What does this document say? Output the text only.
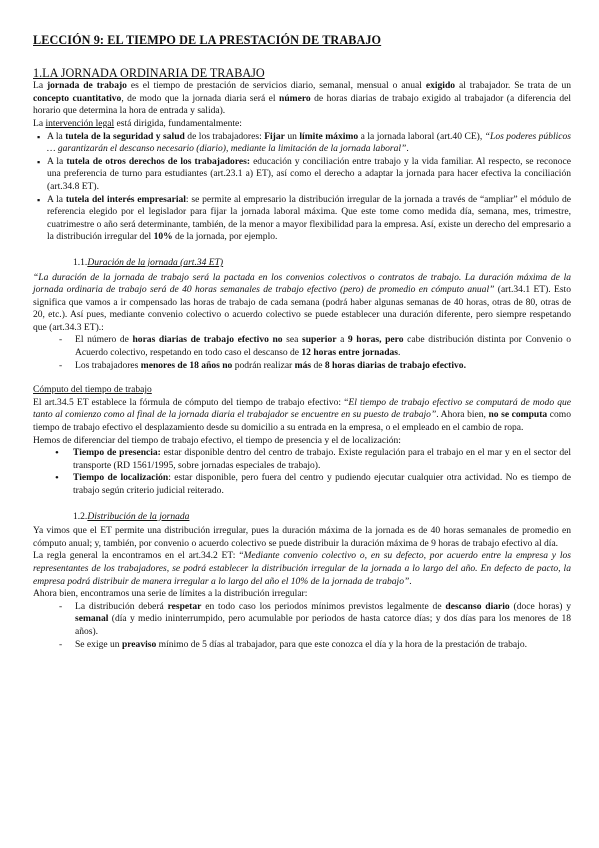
LECCIÓN 9: EL TIEMPO DE LA PRESTACIÓN DE TRABAJO
1.LA JORNADA ORDINARIA DE TRABAJO

La jornada de trabajo es el tiempo de prestación de servicios diario, semanal, mensual o anual exigido al trabajador. Se trata de un concepto cuantitativo, de modo que la jornada diaria será el número de horas diarias de trabajo exigido al trabajador (a diferencia del horario que determina la hora de entrada y salida).

La intervención legal está dirigida, fundamentalmente:

▪ A la tutela de la seguridad y salud de los trabajadores: Fijar un límite máximo a la jornada laboral (art.40 CE), “Los poderes públicos … garantizarán el descanso necesario (diario), mediante la limitación de la jornada laboral”.
▪ A la tutela de otros derechos de los trabajadores: educación y conciliación entre trabajo y la vida familiar. Al respecto, se reconoce una preferencia de turno para estudiantes (art.23.1 a) ET), así como el derecho a adaptar la jornada para hacer efectiva la conciliación (art.34.8 ET).
▪ A la tutela del interés empresarial: se permite al empresario la distribución irregular de la jornada a través de “ampliar” el módulo de referencia elegido por el legislador para fijar la jornada laboral máxima. Que este tome como medida día, semana, mes, trimestre, cuatrimestre o año será determinante, también, de la menor a mayor flexibilidad para la empresa. Así, existe un derecho del empresario a la distribución irregular del 10% de la jornada, por ejemplo.
1.1.Duración de la jornada (art.34 ET)

“La duración de la jornada de trabajo será la pactada en los convenios colectivos o contratos de trabajo. La duración máxima de la jornada ordinaria de trabajo será de 40 horas semanales de trabajo efectivo (pero) de promedio en cómputo anual” (art.34.1 ET). Esto significa que vamos a ir compensado las horas de trabajo de cada semana (podrá haber algunas semanas de 40 horas, otras de 80, otras de 20, etc.). Así pues, mediante convenio colectivo o acuerdo colectivo se puede establecer una duración diferente, pero siempre respetando que (art.34.3 ET).:

- El número de horas diarias de trabajo efectivo no sea superior a 9 horas, pero cabe distribución distinta por Convenio o Acuerdo colectivo, respetando en todo caso el descanso de 12 horas entre jornadas.
- Los trabajadores menores de 18 años no podrán realizar más de 8 horas diarias de trabajo efectivo.
Cómputo del tiempo de trabajo

El art.34.5 ET establece la fórmula de cómputo del tiempo de trabajo efectivo: “El tiempo de trabajo efectivo se computará de modo que tanto al comienzo como al final de la jornada diaria el trabajador se encuentre en su puesto de trabajo”. Ahora bien, no se computa como tiempo de trabajo efectivo el desplazamiento desde su domicilio a su entrada en la empresa, o el empleado en el cambio de ropa.

Hemos de diferenciar del tiempo de trabajo efectivo, el tiempo de presencia y el de localización:

• Tiempo de presencia: estar disponible dentro del centro de trabajo. Existe regulación para el trabajo en el mar y en el sector del transporte (RD 1561/1995, sobre jornadas especiales de trabajo).
• Tiempo de localización: estar disponible, pero fuera del centro y pudiendo ejecutar cualquier otra actividad. No es tiempo de trabajo según criterio judicial reiterado.
1.2.Distribución de la jornada

Ya vimos que el ET permite una distribución irregular, pues la duración máxima de la jornada es de 40 horas semanales de promedio en cómputo anual; y, también, por convenio o acuerdo colectivo se puede distribuir la duración máxima de 9 horas de trabajo efectivo al día.

La regla general la encontramos en el art.34.2 ET: “Mediante convenio colectivo o, en su defecto, por acuerdo entre la empresa y los representantes de los trabajadores, se podrá establecer la distribución irregular de la jornada a lo largo del año. En defecto de pacto, la empresa podrá distribuir de manera irregular a lo largo del año el 10% de la jornada de trabajo”.

Ahora bien, encontramos una serie de límites a la distribución irregular:

- La distribución deberá respetar en todo caso los periodos mínimos previstos legalmente de descanso diario (doce horas) y semanal (día y medio ininterrumpido, pero acumulable por periodos de hasta catorce días; y dos días para los menores de 18 años).
- Se exige un preaviso mínimo de 5 días al trabajador, para que este conozca el día y la hora de la prestación de trabajo.
